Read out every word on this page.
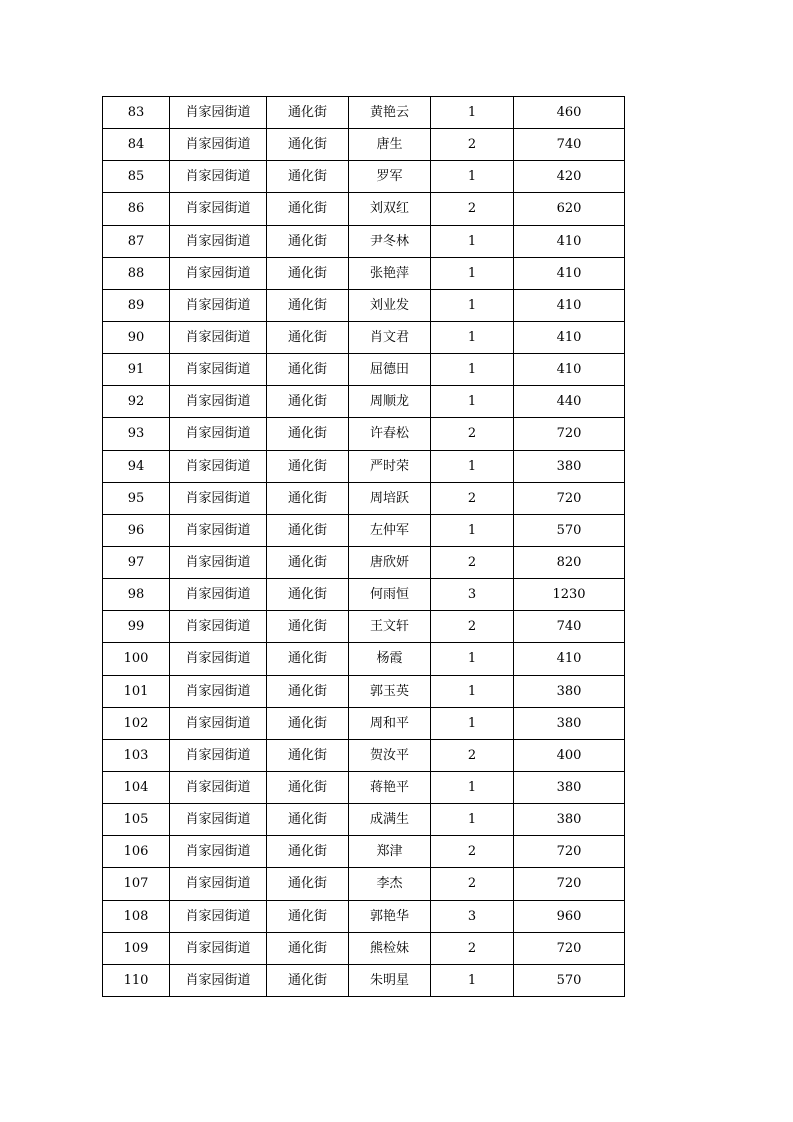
83	肖家园街道	通化街	黄艳云	1	460
84	肖家园街道	通化街	唐生	2	740
85	肖家园街道	通化街	罗军	1	420
86	肖家园街道	通化街	刘双红	2	620
87	肖家园街道	通化街	尹冬林	1	410
88	肖家园街道	通化街	张艳萍	1	410
89	肖家园街道	通化街	刘业发	1	410
90	肖家园街道	通化街	肖文君	1	410
91	肖家园街道	通化街	屈德田	1	410
92	肖家园街道	通化街	周顺龙	1	440
93	肖家园街道	通化街	许春松	2	720
94	肖家园街道	通化街	严时荣	1	380
95	肖家园街道	通化街	周培跃	2	720
96	肖家园街道	通化街	左仲军	1	570
97	肖家园街道	通化街	唐欣妍	2	820
98	肖家园街道	通化街	何雨恒	3	1230
99	肖家园街道	通化街	王文轩	2	740
100	肖家园街道	通化街	杨霞	1	410
101	肖家园街道	通化街	郭玉英	1	380
102	肖家园街道	通化街	周和平	1	380
103	肖家园街道	通化街	贺汝平	2	400
104	肖家园街道	通化街	蒋艳平	1	380
105	肖家园街道	通化街	成满生	1	380
106	肖家园街道	通化街	郑津	2	720
107	肖家园街道	通化街	李杰	2	720
108	肖家园街道	通化街	郭艳华	3	960
109	肖家园街道	通化街	熊检妹	2	720
110	肖家园街道	通化街	朱明星	1	570
